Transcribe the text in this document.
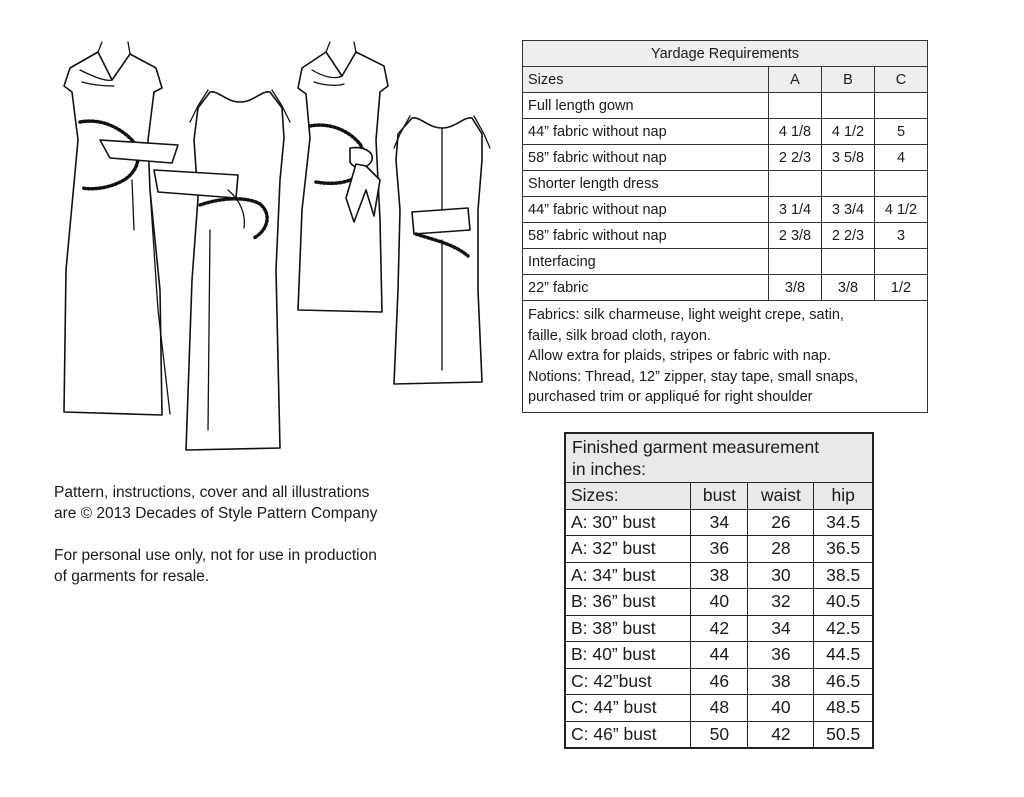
Yardage Requirements			
Sizes	A	B	C
Full length gown			
44” fabric without nap	4 1/8	4 1/2	5
58” fabric without nap	2 2/3	3 5/8	4
Shorter length dress			
44” fabric without nap	3 1/4	3 3/4	4 1/2
58” fabric without nap	2 3/8	2 2/3	3
Interfacing			
22” fabric	3/8	3/8	1/2

Fabrics: silk charmeuse, light weight crepe, satin,
faille, silk broad cloth, rayon.
Allow extra for plaids, stripes or fabric with nap.
Notions: Thread, 12” zipper, stay tape, small snaps,
purchased trim or appliqué for right shoulder			

Pattern, instructions, cover and all illustrations
are © 2013 Decades of Style Pattern Company

For personal use only, not for use in production
of garments for resale.

Finished garment measurement
in inches:			

Sizes:	bust	waist	hip
A: 30” bust	34	26	34.5
A: 32” bust	36	28	36.5
A: 34” bust	38	30	38.5
B: 36” bust	40	32	40.5
B: 38” bust	42	34	42.5
B: 40” bust	44	36	44.5
C: 42”bust	46	38	46.5
C: 44” bust	48	40	48.5
C: 46” bust	50	42	50.5
